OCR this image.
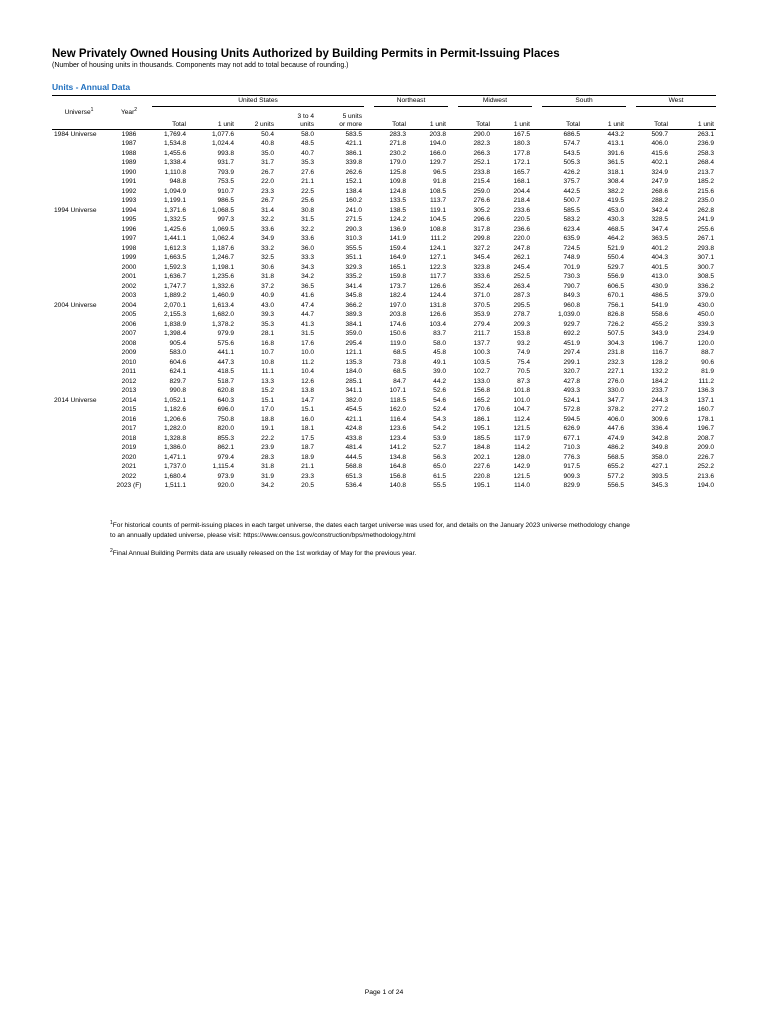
New Privately Owned Housing Units Authorized by Building Permits in Permit-Issuing Places
(Number of housing units in thousands. Components may not add to total because of rounding.)
Units - Annual Data
Universe$^1$	Year$^2$	United States						Northeast			Midwest			South			West	
		Total	1 unit	2 units	3 to 4
units	5 units
or more		Total	1 unit		Total	1 unit		Total	1 unit		Total	1 unit
1984 Universe	1986	1,769.4	1,077.6	50.4	58.0	583.5		283.3	203.8		290.0	167.5		686.5	443.2		509.7	263.1
	1987	1,534.8	1,024.4	40.8	48.5	421.1		271.8	194.0		282.3	180.3		574.7	413.1		406.0	236.9
	1988	1,455.6	993.8	35.0	40.7	386.1		230.2	166.0		266.3	177.8		543.5	391.6		415.6	258.3
	1989	1,338.4	931.7	31.7	35.3	339.8		179.0	129.7		252.1	172.1		505.3	361.5		402.1	268.4
	1990	1,110.8	793.9	26.7	27.6	262.6		125.8	96.5		233.8	165.7		426.2	318.1		324.9	213.7
	1991	948.8	753.5	22.0	21.1	152.1		109.8	91.8		215.4	168.1		375.7	308.4		247.9	185.2
	1992	1,094.9	910.7	23.3	22.5	138.4		124.8	108.5		259.0	204.4		442.5	382.2		268.6	215.6
	1993	1,199.1	986.5	26.7	25.6	160.2		133.5	113.7		276.6	218.4		500.7	419.5		288.2	235.0
1994 Universe	1994	1,371.6	1,068.5	31.4	30.8	241.0		138.5	119.1		305.2	233.6		585.5	453.0		342.4	262.8
	1995	1,332.5	997.3	32.2	31.5	271.5		124.2	104.5		296.6	220.5		583.2	430.3		328.5	241.9
	1996	1,425.6	1,069.5	33.6	32.2	290.3		136.9	108.8		317.8	236.6		623.4	468.5		347.4	255.6
	1997	1,441.1	1,062.4	34.9	33.6	310.3		141.9	111.2		299.8	220.0		635.9	464.2		363.5	267.1
	1998	1,612.3	1,187.6	33.2	36.0	355.5		159.4	124.1		327.2	247.8		724.5	521.9		401.2	293.8
	1999	1,663.5	1,246.7	32.5	33.3	351.1		164.9	127.1		345.4	262.1		748.9	550.4		404.3	307.1
	2000	1,592.3	1,198.1	30.6	34.3	329.3		165.1	122.3		323.8	245.4		701.9	529.7		401.5	300.7
	2001	1,636.7	1,235.6	31.8	34.2	335.2		159.8	117.7		333.6	252.5		730.3	556.9		413.0	308.5
	2002	1,747.7	1,332.6	37.2	36.5	341.4		173.7	126.6		352.4	263.4		790.7	606.5		430.9	336.2
	2003	1,889.2	1,460.9	40.9	41.6	345.8		182.4	124.4		371.0	287.3		849.3	670.1		486.5	379.0
2004 Universe	2004	2,070.1	1,613.4	43.0	47.4	366.2		197.0	131.8		370.5	295.5		960.8	756.1		541.9	430.0
	2005	2,155.3	1,682.0	39.3	44.7	389.3		203.8	126.6		353.9	278.7		1,039.0	826.8		558.6	450.0
	2006	1,838.9	1,378.2	35.3	41.3	384.1		174.6	103.4		279.4	209.3		929.7	726.2		455.2	339.3
	2007	1,398.4	979.9	28.1	31.5	359.0		150.6	83.7		211.7	153.8		692.2	507.5		343.9	234.9
	2008	905.4	575.6	16.8	17.6	295.4		119.0	58.0		137.7	93.2		451.9	304.3		196.7	120.0
	2009	583.0	441.1	10.7	10.0	121.1		68.5	45.8		100.3	74.9		297.4	231.8		116.7	88.7
	2010	604.6	447.3	10.8	11.2	135.3		73.8	49.1		103.5	75.4		299.1	232.3		128.2	90.6
	2011	624.1	418.5	11.1	10.4	184.0		68.5	39.0		102.7	70.5		320.7	227.1		132.2	81.9
	2012	829.7	518.7	13.3	12.6	285.1		84.7	44.2		133.0	87.3		427.8	276.0		184.2	111.2
	2013	990.8	620.8	15.2	13.8	341.1		107.1	52.6		156.8	101.8		493.3	330.0		233.7	136.3
2014 Universe	2014	1,052.1	640.3	15.1	14.7	382.0		118.5	54.6		165.2	101.0		524.1	347.7		244.3	137.1
	2015	1,182.6	696.0	17.0	15.1	454.5		162.0	52.4		170.6	104.7		572.8	378.2		277.2	160.7
	2016	1,206.6	750.8	18.8	16.0	421.1		116.4	54.3		186.1	112.4		594.5	406.0		309.6	178.1
	2017	1,282.0	820.0	19.1	18.1	424.8		123.6	54.2		195.1	121.5		626.9	447.6		336.4	196.7
	2018	1,328.8	855.3	22.2	17.5	433.8		123.4	53.9		185.5	117.9		677.1	474.9		342.8	208.7
	2019	1,386.0	862.1	23.9	18.7	481.4		141.2	52.7		184.8	114.2		710.3	486.2		349.8	209.0
	2020	1,471.1	979.4	28.3	18.9	444.5		134.8	56.3		202.1	128.0		776.3	568.5		358.0	226.7
	2021	1,737.0	1,115.4	31.8	21.1	568.8		164.8	65.0		227.6	142.9		917.5	655.2		427.1	252.2
	2022	1,680.4	973.9	31.9	23.3	651.3		156.8	61.5		220.8	121.5		909.3	577.2		393.5	213.6
	2023 (F)	1,511.1	920.0	34.2	20.5	536.4		140.8	55.5		195.1	114.0		829.9	556.5		345.3	194.0

$^1$For historical counts of permit-issuing places in each target universe, the dates each target universe was used for, and details on the January 2023 universe methodology change to an annually updated universe, please visit: https://www.census.gov/construction/bps/methodology.html

$^2$Final Annual Building Permits data are usually released on the 1st workday of May for the previous year.

Page 1 of 24
